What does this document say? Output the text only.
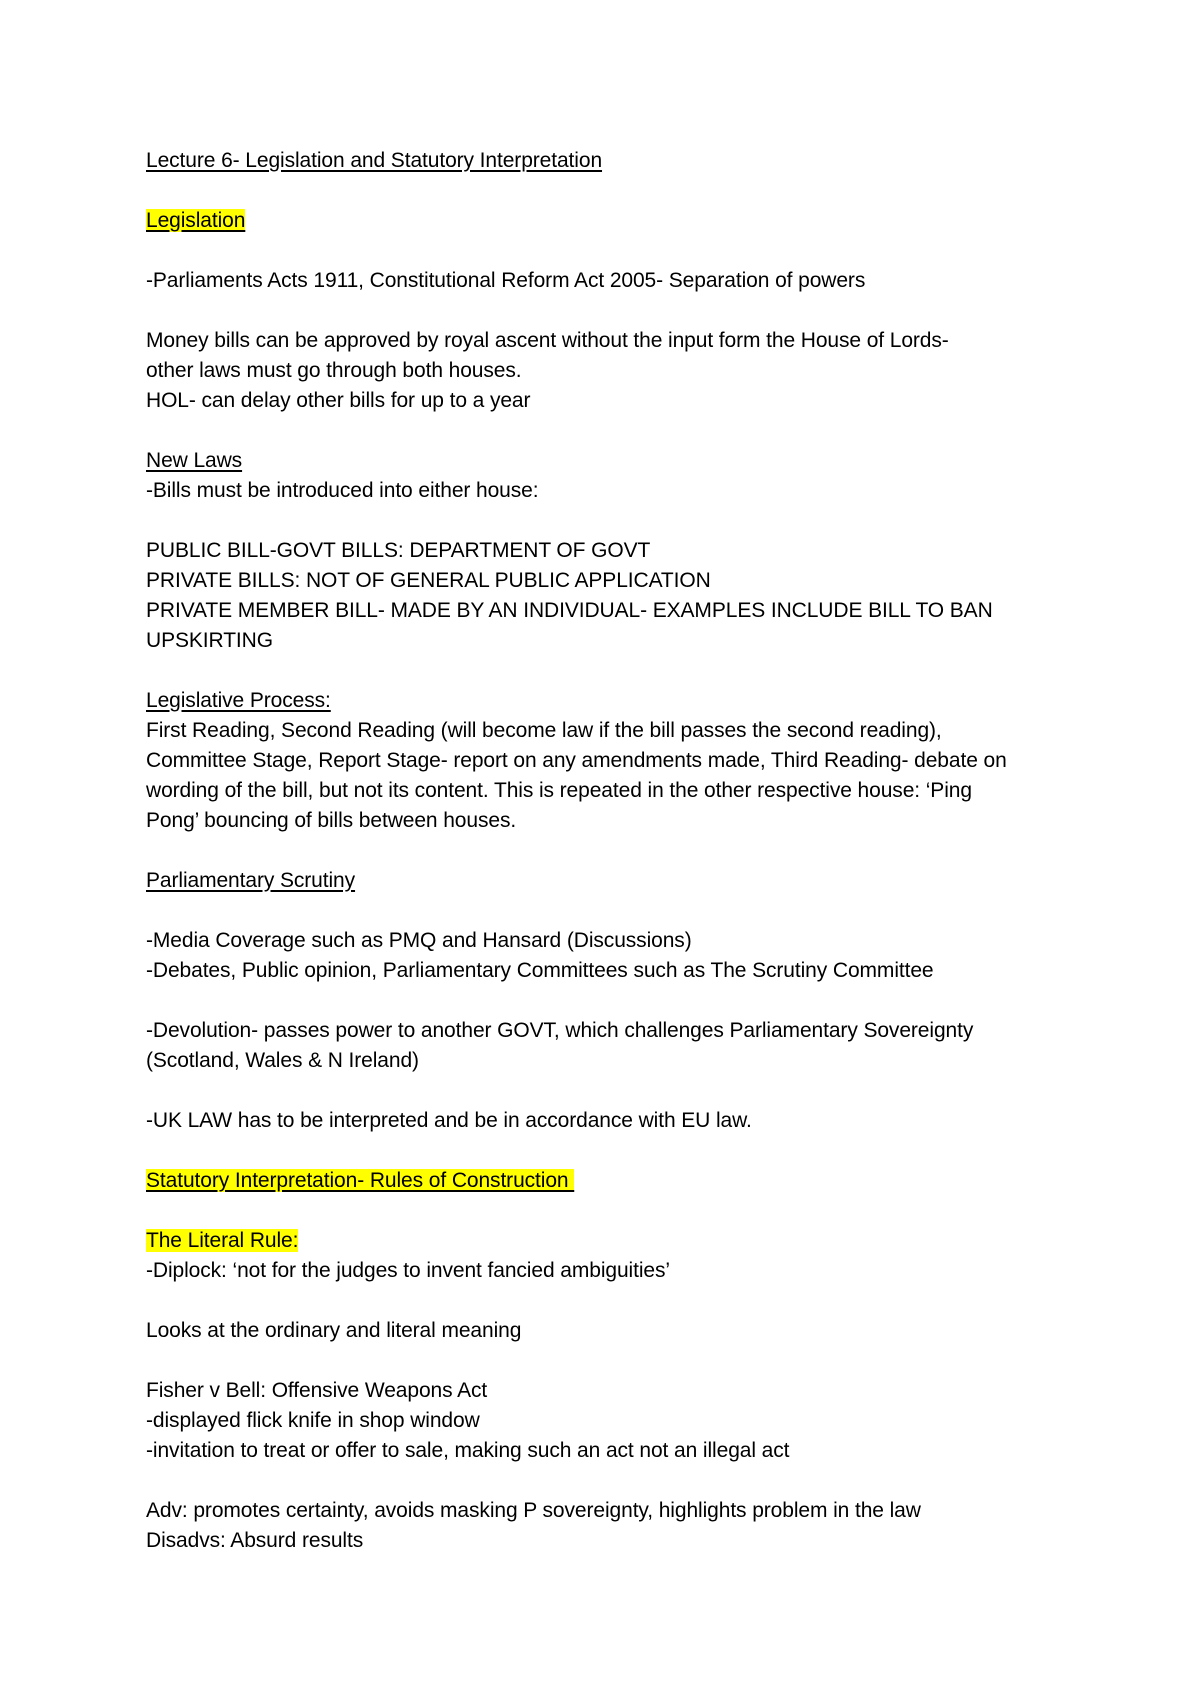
Lecture 6- Legislation and Statutory Interpretation
Legislation
-Parliaments Acts 1911, Constitutional Reform Act 2005- Separation of powers
Money bills can be approved by royal ascent without the input form the House of Lords-
other laws must go through both houses.
HOL- can delay other bills for up to a year
New Laws
-Bills must be introduced into either house:
PUBLIC BILL-GOVT BILLS: DEPARTMENT OF GOVT
PRIVATE BILLS: NOT OF GENERAL PUBLIC APPLICATION
PRIVATE MEMBER BILL- MADE BY AN INDIVIDUAL- EXAMPLES INCLUDE BILL TO BAN
UPSKIRTING
Legislative Process:
First Reading, Second Reading (will become law if the bill passes the second reading),
Committee Stage, Report Stage- report on any amendments made, Third Reading- debate on
wording of the bill, but not its content. This is repeated in the other respective house: ‘Ping
Pong’ bouncing of bills between houses.
Parliamentary Scrutiny
-Media Coverage such as PMQ and Hansard (Discussions)
-Debates, Public opinion, Parliamentary Committees such as The Scrutiny Committee
-Devolution- passes power to another GOVT, which challenges Parliamentary Sovereignty
(Scotland, Wales & N Ireland)
-UK LAW has to be interpreted and be in accordance with EU law.
Statutory Interpretation- Rules of Construction
The Literal Rule:
-Diplock: ‘not for the judges to invent fancied ambiguities’
Looks at the ordinary and literal meaning
Fisher v Bell: Offensive Weapons Act
-displayed flick knife in shop window
-invitation to treat or offer to sale, making such an act not an illegal act
Adv: promotes certainty, avoids masking P sovereignty, highlights problem in the law
Disadvs: Absurd results
